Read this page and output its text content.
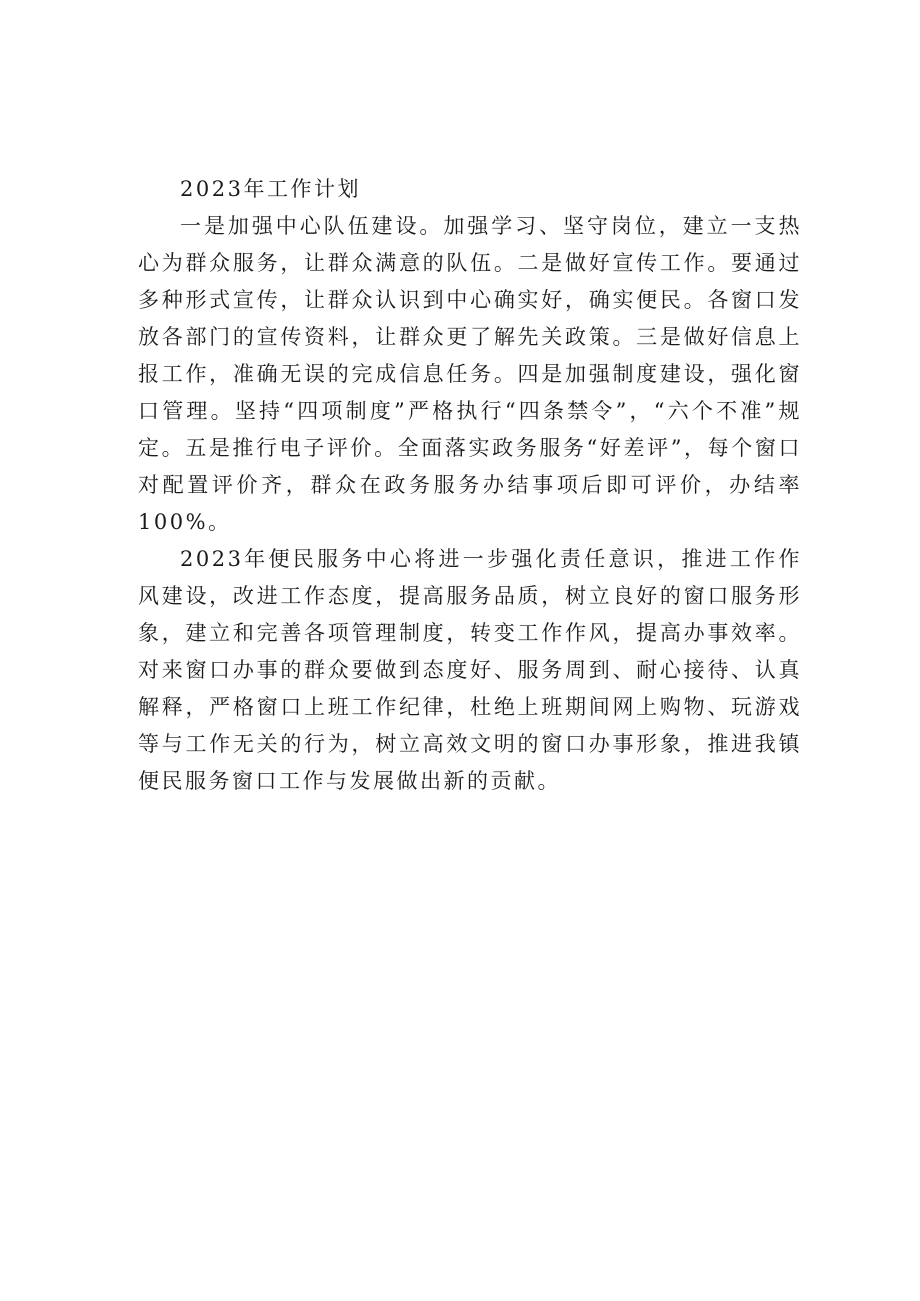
2023年工作计划

一是加强中心队伍建设。加强学习、坚守岗位，建立一支热心为群众服务，让群众满意的队伍。二是做好宣传工作。要通过多种形式宣传，让群众认识到中心确实好，确实便民。各窗口发放各部门的宣传资料，让群众更了解先关政策。三是做好信息上报工作，准确无误的完成信息任务。四是加强制度建设，强化窗口管理。坚持“四项制度”严格执行“四条禁令”，“六个不准”规定。五是推行电子评价。全面落实政务服务“好差评”，每个窗口对配置评价齐，群众在政务服务办结事项后即可评价，办结率100%。

2023年便民服务中心将进一步强化责任意识，推进工作作风建设，改进工作态度，提高服务品质，树立良好的窗口服务形象，建立和完善各项管理制度，转变工作作风，提高办事效率。对来窗口办事的群众要做到态度好、服务周到、耐心接待、认真解释，严格窗口上班工作纪律，杜绝上班期间网上购物、玩游戏等与工作无关的行为，树立高效文明的窗口办事形象，推进我镇便民服务窗口工作与发展做出新的贡献。
